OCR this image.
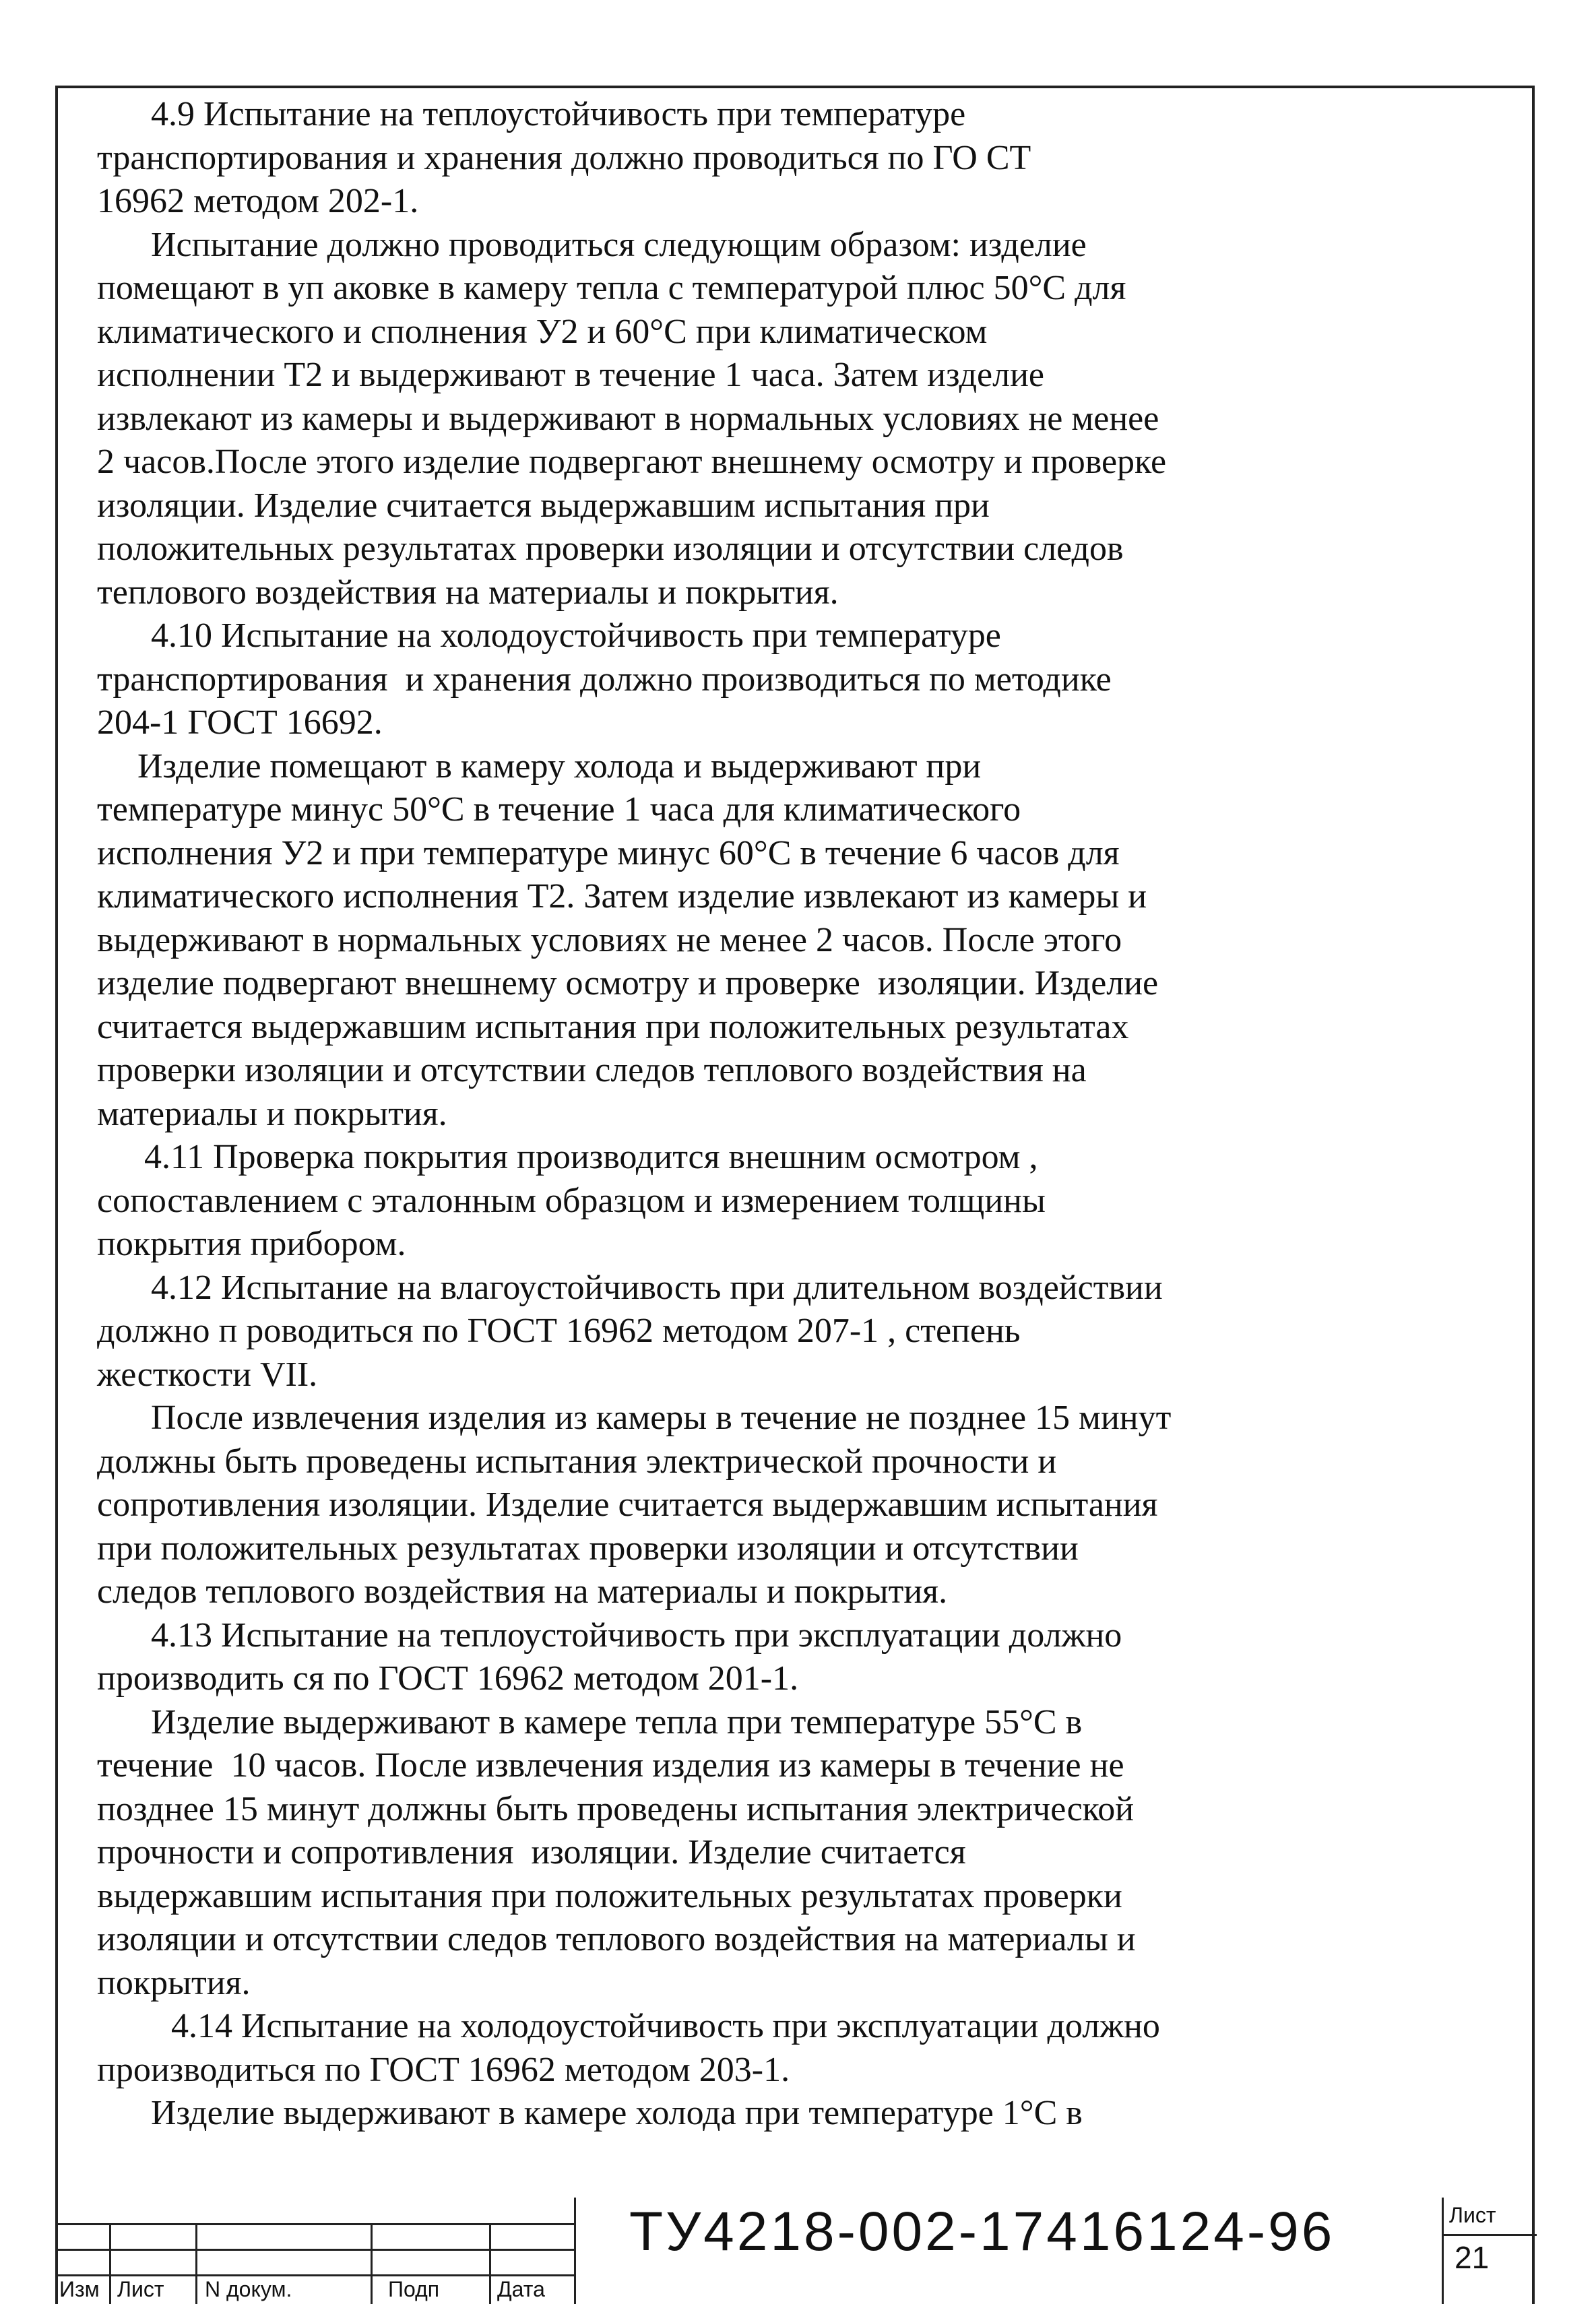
4.9 Испытание на теплоустойчивость при температуре

транспортирования и хранения должно проводиться по ГО СТ

16962 методом 202-1.

Испытание должно проводиться следующим образом: изделие

помещают в уп аковке в камеру тепла с температурой плюс 50°С для

климатического и сполнения У2 и 60°С при климатическом

исполнении Т2 и выдерживают в течение 1 часа. Затем изделие

извлекают из камеры и выдерживают в нормальных условиях не менее

2 часов.После этого изделие подвергают внешнему осмотру и проверке

изоляции. Изделие считается выдержавшим испытания при

положительных результатах проверки изоляции и отсутствии следов

теплового воздействия на материалы и покрытия.

4.10 Испытание на холодоустойчивость при температуре

транспортирования  и хранения должно производиться по методике

204-1 ГОСТ 16692.

Изделие помещают в камеру холода и выдерживают при

температуре минус 50°С в течение 1 часа для климатического

исполнения У2 и при температуре минус 60°С в течение 6 часов для

климатического исполнения Т2. Затем изделие извлекают из камеры и

выдерживают в нормальных условиях не менее 2 часов. После этого

изделие подвергают внешнему осмотру и проверке  изоляции. Изделие

считается выдержавшим испытания при положительных результатах

проверки изоляции и отсутствии следов теплового воздействия на

материалы и покрытия.

4.11 Проверка покрытия производится внешним осмотром ,

сопоставлением с эталонным образцом и измерением толщины

покрытия прибором.

4.12 Испытание на влагоустойчивость при длительном воздействии

должно п роводиться по ГОСТ 16962 методом 207-1 , степень

жесткости VII.

После извлечения изделия из камеры в течение не позднее 15 минут

должны быть проведены испытания электрической прочности и

сопротивления изоляции. Изделие считается выдержавшим испытания

при положительных результатах проверки изоляции и отсутствии

следов теплового воздействия на материалы и покрытия.

4.13 Испытание на теплоустойчивость при эксплуатации должно

производить ся по ГОСТ 16962 методом 201-1.

Изделие выдерживают в камере тепла при температуре 55°С в

течение  10 часов. После извлечения изделия из камеры в течение не

позднее 15 минут должны быть проведены испытания электрической

прочности и сопротивления  изоляции. Изделие считается

выдержавшим испытания при положительных результатах проверки

изоляции и отсутствии следов теплового воздействия на материалы и

покрытия.

4.14 Испытание на холодоустойчивость при эксплуатации должно

производиться по ГОСТ 16962 методом 203-1.

Изделие выдерживают в камере холода при температуре 1°С в

Изм Лист N докум.	Подп	Дата
ТУ4218-002-17416124-96	Лист
21
